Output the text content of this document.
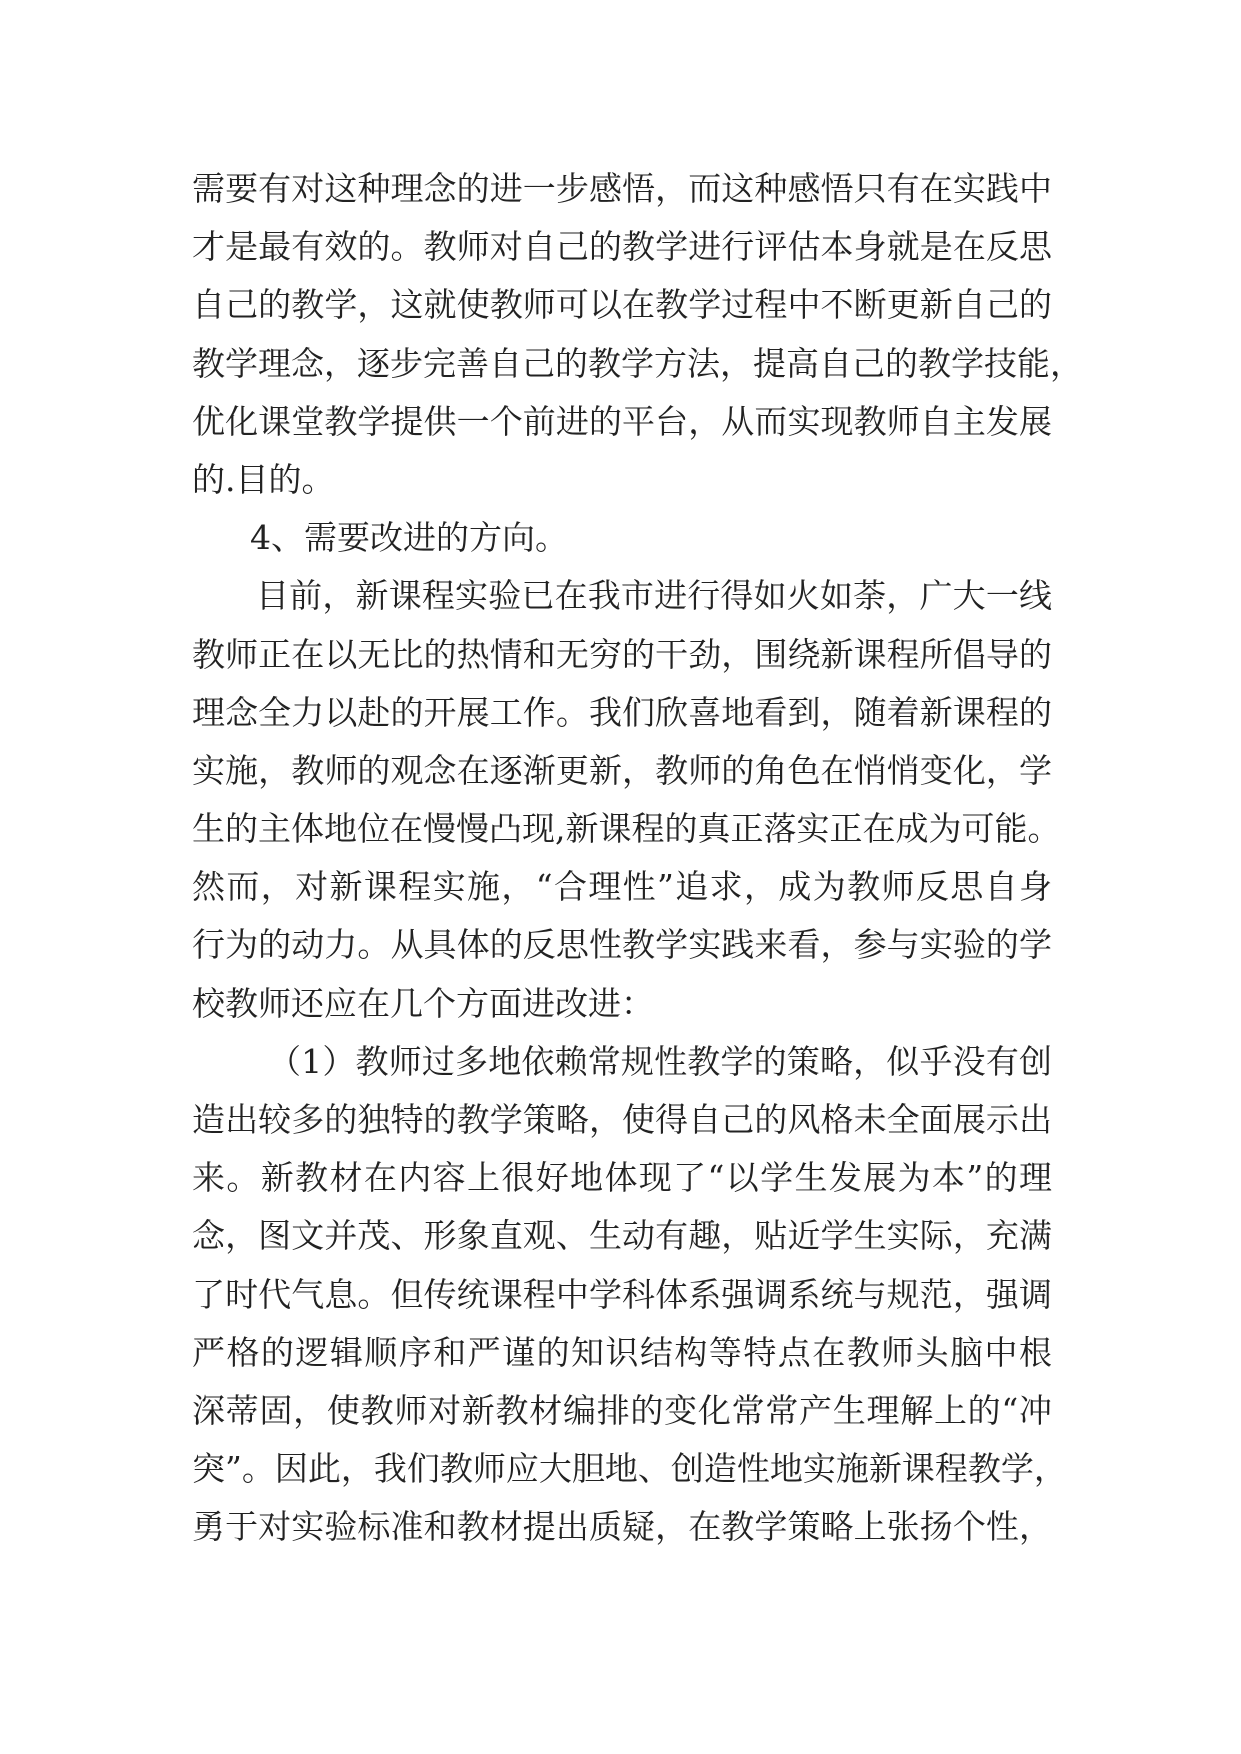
需要有对这种理念的进一步感悟，而这种感悟只有在实践中
才是最有效的。教师对自己的教学进行评估本身就是在反思
自己的教学，这就使教师可以在教学过程中不断更新自己的
教学理念，逐步完善自己的教学方法，提高自己的教学技能，
优化课堂教学提供一个前进的平台，从而实现教师自主发展
的.目的。
4、需要改进的方向。
目前，新课程实验已在我市进行得如火如荼，广大一线
教师正在以无比的热情和无穷的干劲，围绕新课程所倡导的
理念全力以赴的开展工作。我们欣喜地看到，随着新课程的
实施，教师的观念在逐渐更新，教师的角色在悄悄变化，学
生的主体地位在慢慢凸现,新课程的真正落实正在成为可能。
然而，对新课程实施，“合理性”追求，成为教师反思自身
行为的动力。从具体的反思性教学实践来看，参与实验的学
校教师还应在几个方面进改进：
（1）教师过多地依赖常规性教学的策略，似乎没有创
造出较多的独特的教学策略，使得自己的风格未全面展示出
来。新教材在内容上很好地体现了“以学生发展为本”的理
念，图文并茂、形象直观、生动有趣，贴近学生实际，充满
了时代气息。但传统课程中学科体系强调系统与规范，强调
严格的逻辑顺序和严谨的知识结构等特点在教师头脑中根
深蒂固，使教师对新教材编排的变化常常产生理解上的“冲
突”。因此，我们教师应大胆地、创造性地实施新课程教学，
勇于对实验标准和教材提出质疑，在教学策略上张扬个性，
